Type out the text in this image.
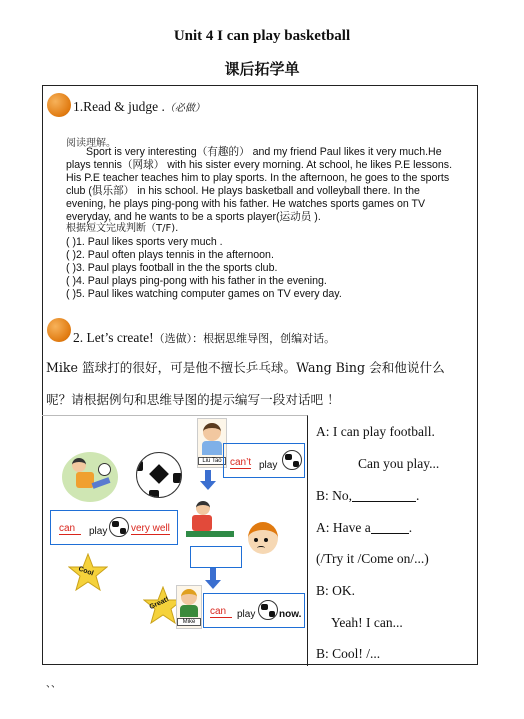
Unit 4 I can play basketball
课后拓学单
1.Read & judge .（必做）
阅读理解。
Sport is very interesting（有趣的） and my friend Paul likes it very much.He
plays tennis（网球） with his sister every morning. At school, he likes P.E lessons.
His P.E teacher teaches him to play sports. In the afternoon, he goes to the sports
club (俱乐部） in his school. He plays basketball and volleyball there. In the
evening, he plays ping-pong with his father. He watches sports games on TV
everyday, and he wants to be a sports player(运动员 ).
根据短文完成判断（T/F).
( )1. Paul likes sports very much .
( )2. Paul often plays tennis in the afternoon.
( )3. Paul plays football in the the sports club.
( )4. Paul plays ping-pong with his father in the evening.
( )5. Paul likes watching computer games on TV every day.
2. Let’s create!（选做）：根据思维导图，创编对话。
Mike 篮球打的很好，可是他不擅长乒乓球。Wang Bing 会和他说什么
呢？请根据例句和思维导图的提示编写一段对话吧 ！
Liu Tao can’t play
can	play very well
Cool
Great!
Mike
can	play now.
A: I can play football.
Can you play...
B: No,	.
A: Have a	.
(/Try it /Come on/...)
B: OK.
Yeah! I can...
B: Cool! /...
、、
